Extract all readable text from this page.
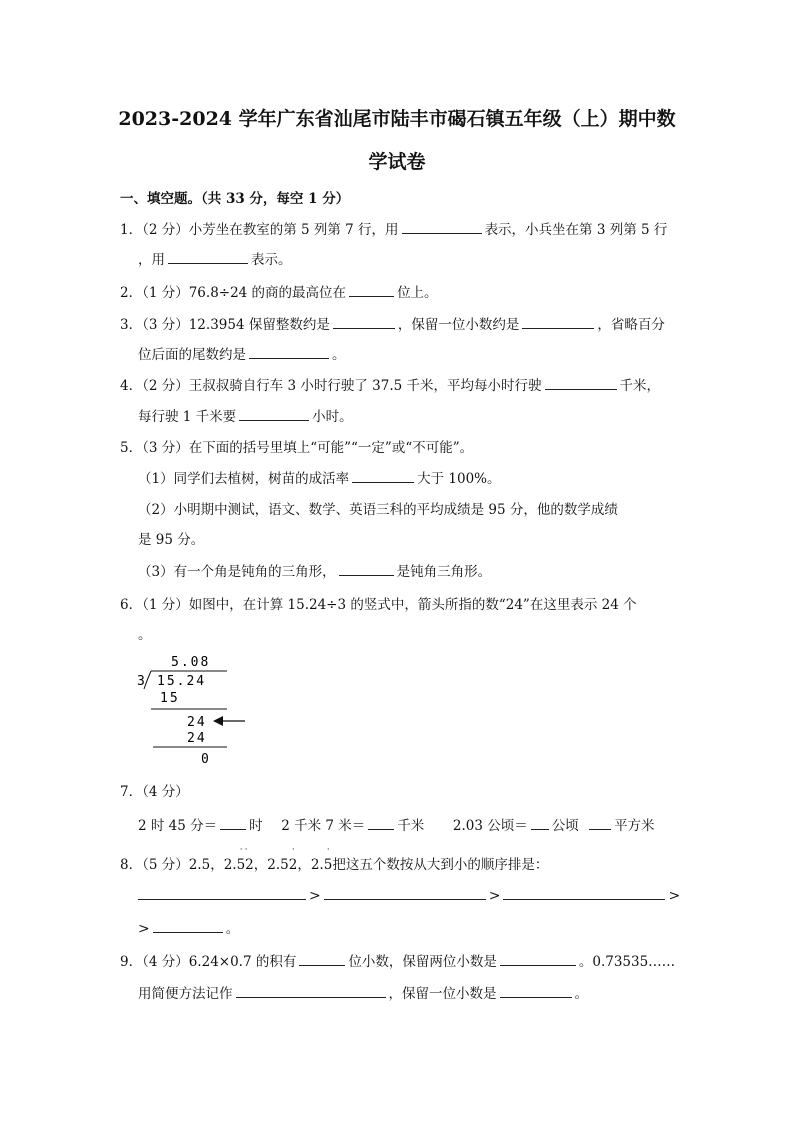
2023-2024 学年广东省汕尾市陆丰市碣石镇五年级（上）期中数
学试卷
一、填空题。（共 33 分，每空 1 分）
1．（2 分）小芳坐在教室的第 5 列第 7 行，用	表示，小兵坐在第 3 列第 5 行
，用	表示。
2．（1 分）76.8÷24 的商的最高位在	位上。
3．（3 分）12.3954 保留整数约是	，保留一位小数约是	，省略百分
位后面的尾数约是	。
4．（2 分）王叔叔骑自行车 3 小时行驶了 37.5 千米，平均每小时行驶	千米，
每行驶 1 千米要	小时。
5．（3 分）在下面的括号里填上“可能”“一定”或“不可能”。
（1）同学们去植树，树苗的成活率	大于 100%。
（2）小明期中测试，语文、数学、英语三科的平均成绩是 95 分，他的数学成绩
是 95 分。
（3）有一个角是钝角的三角形，	是钝角三角形。
6．（1 分）如图中，在计算 15.24÷3 的竖式中，箭头所指的数“24”在这里表示 24 个
。
5.08
3 15.24
15
24
24
0
7．（4 分）
2 时 45 分＝ 时 2 千米 7 米＝ 千米 2.03 公顷＝ 公顷	平方米
8．（5 分）2.5，2.
˙˙
52，2.5
˙
2，2.
˙
5把这五个数按从大到小的顺序排是：
>	>	>
>	。
9．（4 分）6.24×0.7 的积有	位小数，保留两位小数是	。0.73535……
用简便方法记作	，保留一位小数是	。
